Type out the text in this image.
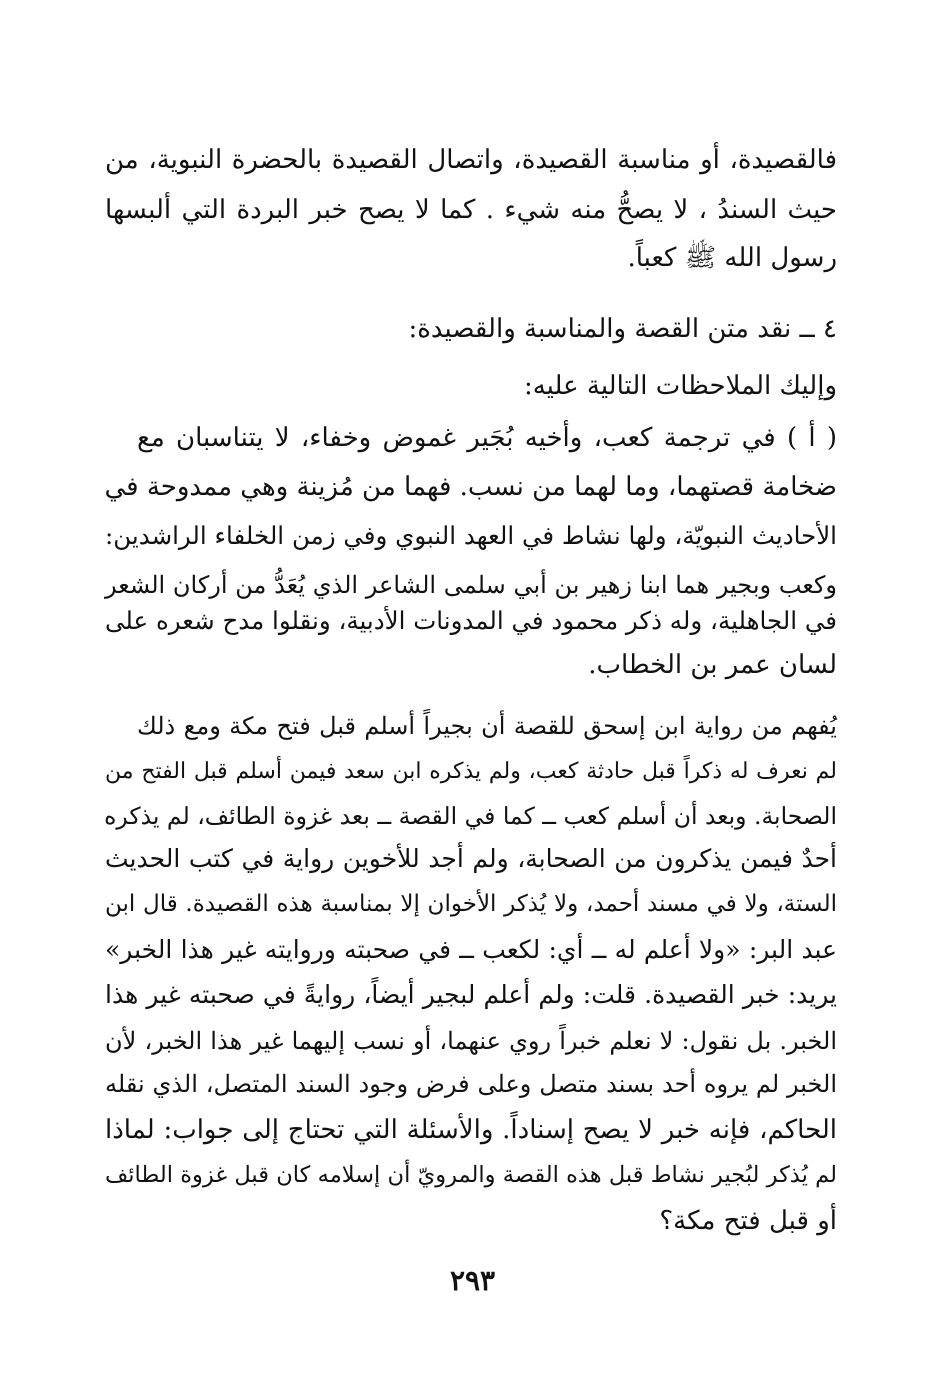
فالقصيدة، أو مناسبة القصيدة، واتصال القصيدة بالحضرة النبوية، من
حيث السندُ ، لا يصحُّ منه شيء . كما لا يصح خبر البردة التي ألبسها
رسول الله ﷺ كعباً.
٤ ــ نقد متن القصة والمناسبة والقصيدة:
وإليك الملاحظات التالية عليه:
( أ ) في ترجمة كعب، وأخيه بُجَير غموض وخفاء، لا يتناسبان مع
ضخامة قصتهما، وما لهما من نسب. فهما من مُزينة وهي ممدوحة في
الأحاديث النبويّة، ولها نشاط في العهد النبوي وفي زمن الخلفاء الراشدين:
وكعب وبجير هما ابنا زهير بن أبي سلمى الشاعر الذي يُعَدُّ من أركان الشعر
في الجاهلية، وله ذكر محمود في المدونات الأدبية، ونقلوا مدح شعره على
لسان عمر بن الخطاب.
يُفهم من رواية ابن إسحق للقصة أن بجيراً أسلم قبل فتح مكة ومع ذلك
لم نعرف له ذكراً قبل حادثة كعب، ولم يذكره ابن سعد فيمن أسلم قبل الفتح من
الصحابة. وبعد أن أسلم كعب ــ كما في القصة ــ بعد غزوة الطائف، لم يذكره
أحدٌ فيمن يذكرون من الصحابة، ولم أجد للأخوين رواية في كتب الحديث
الستة، ولا في مسند أحمد، ولا يُذكر الأخوان إلا بمناسبة هذه القصيدة. قال ابن
عبد البر: «ولا أعلم له ــ أي: لكعب ــ في صحبته وروايته غير هذا الخبر»
يريد: خبر القصيدة. قلت: ولم أعلم لبجير أيضاً، روايةً في صحبته غير هذا
الخبر. بل نقول: لا نعلم خبراً روي عنهما، أو نسب إليهما غير هذا الخبر، لأن
الخبر لم يروه أحد بسند متصل وعلى فرض وجود السند المتصل، الذي نقله
الحاكم، فإنه خبر لا يصح إسناداً. والأسئلة التي تحتاج إلى جواب: لماذا
لم يُذكر لبُجير نشاط قبل هذه القصة والمرويّ أن إسلامه كان قبل غزوة الطائف
أو قبل فتح مكة؟
٢٩٣
